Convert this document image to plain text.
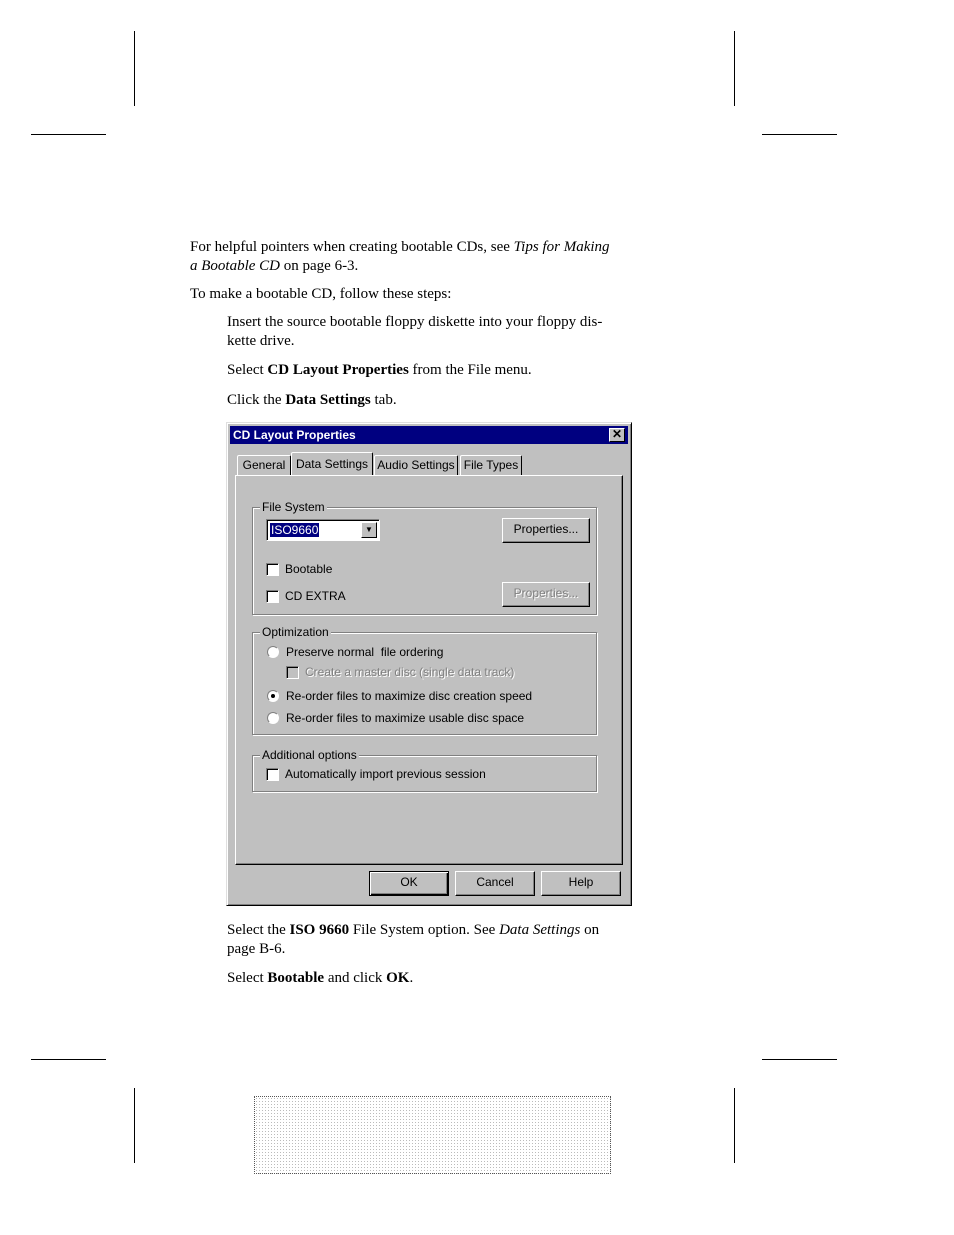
For helpful pointers when creating bootable CDs, see Tips for Making
a Bootable CD on page 6-3.

To make a bootable CD, follow these steps:

Insert the source bootable floppy diskette into your floppy dis-
kette drive.

Select CD Layout Properties from the File menu.

Click the Data Settings tab.

CD Layout Properties	✕
General Data Settings Audio Settings File Types
File System
ISO9660	▼	Properties...
Bootable
CD EXTRA	Properties...
Optimization
Preserve normal  file ordering
Create a master disc (single data track)
Re-order files to maximize disc creation speed
Re-order files to maximize usable disc space
Additional options
Automatically import previous session
OK	Cancel	Help

Select the ISO 9660 File System option. See Data Settings on
page B-6.

Select Bootable and click OK.
